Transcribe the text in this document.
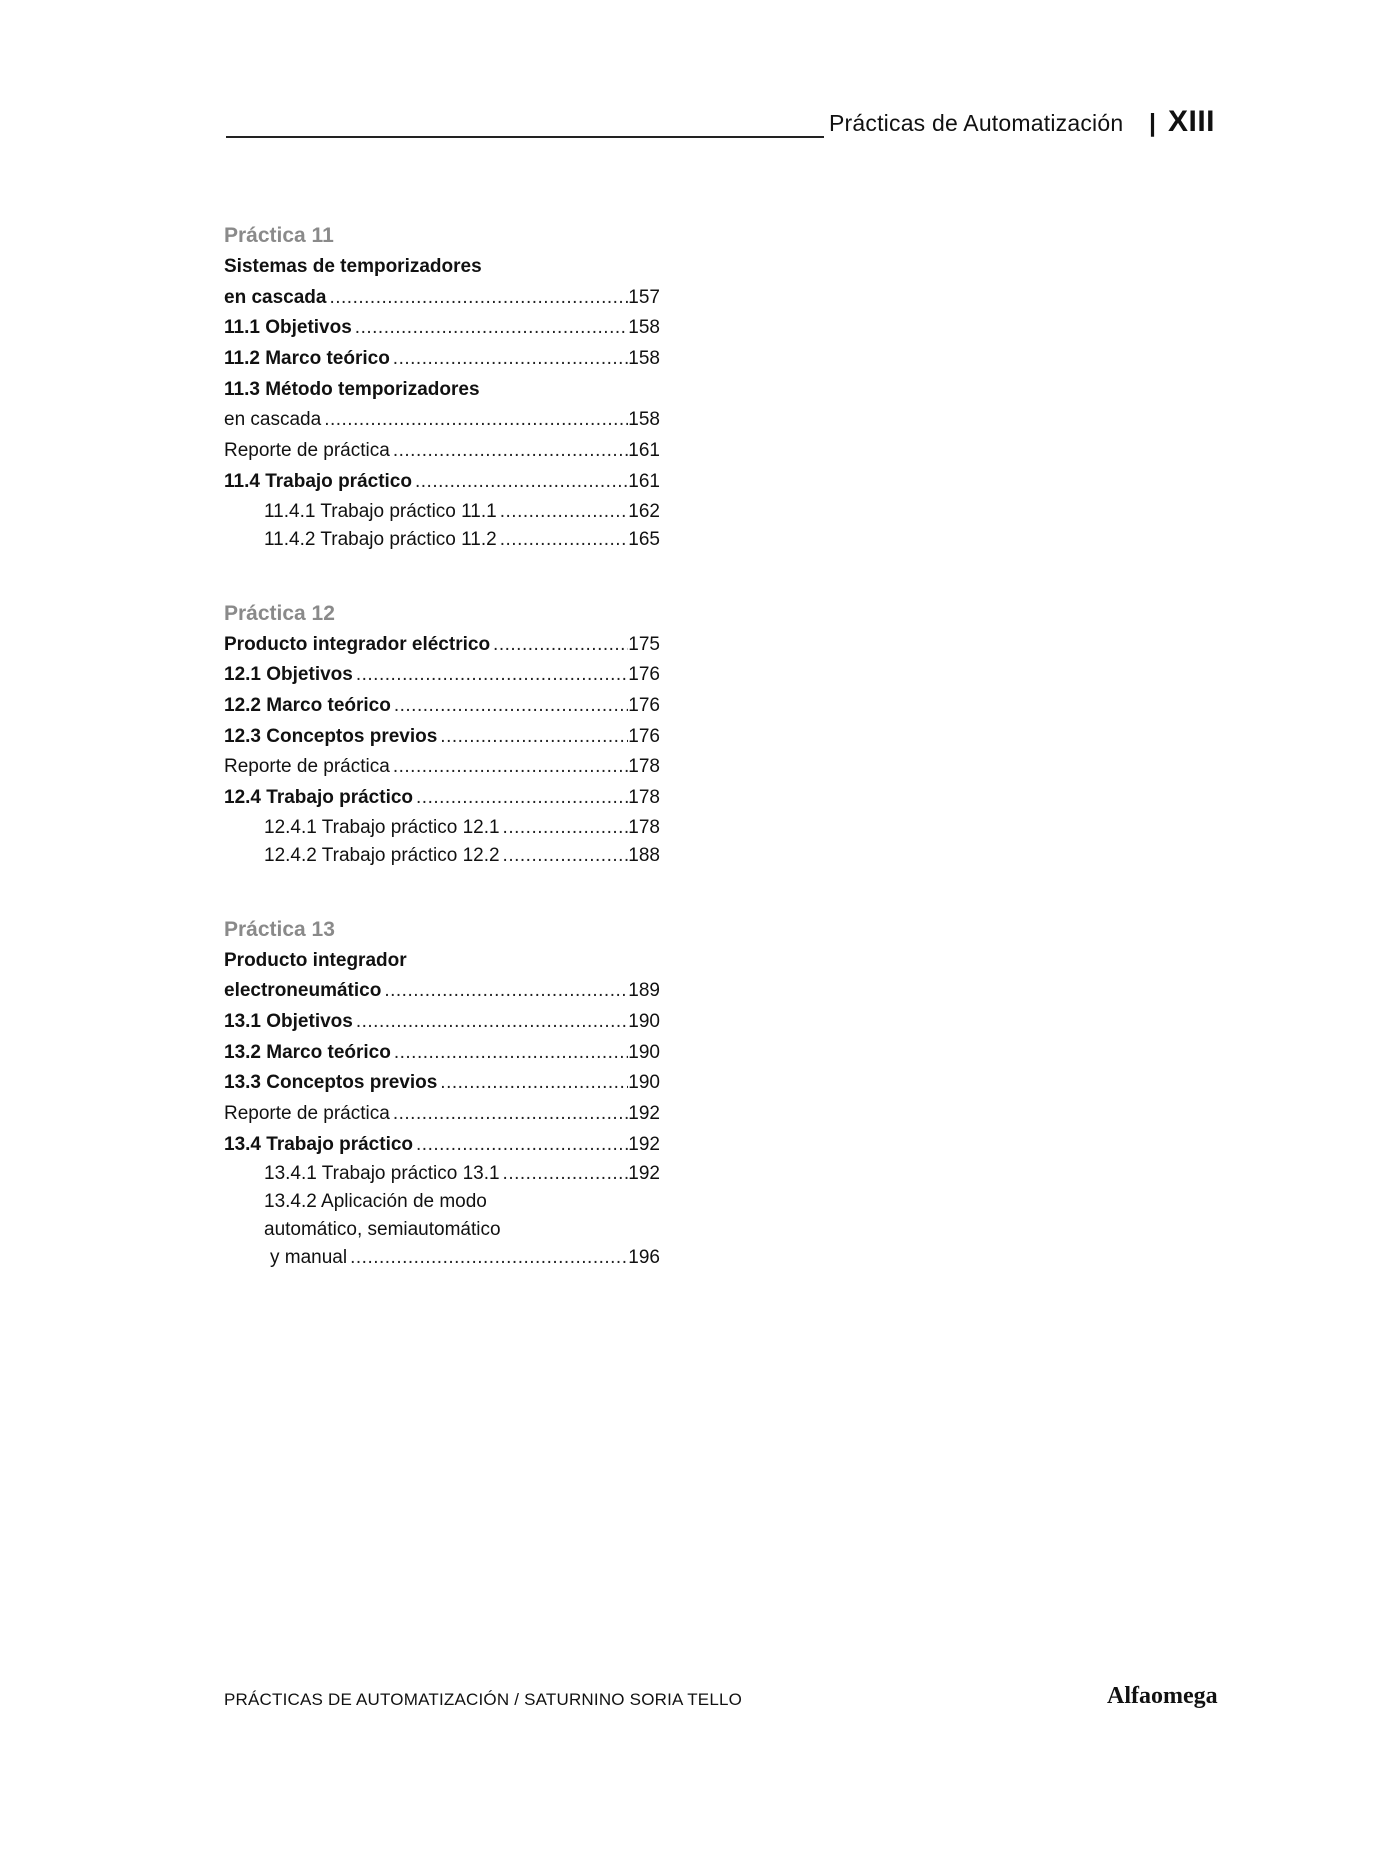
Prácticas de Automatización | XIII
Práctica 11
Sistemas de temporizadores
en cascada .....	157
11.1 Objetivos .....	158
11.2 Marco teórico .....	158
11.3 Método temporizadores
en cascada .....	158
Reporte de práctica .....	161
11.4 Trabajo práctico .....	161
11.4.1 Trabajo práctico 11.1 .....	162
11.4.2 Trabajo práctico 11.2 .....	165
Práctica 12
Producto integrador eléctrico .....	175
12.1 Objetivos .....	176
12.2 Marco teórico .....	176
12.3 Conceptos previos .....	176
Reporte de práctica .....	178
12.4 Trabajo práctico .....	178
12.4.1 Trabajo práctico 12.1 .....	178
12.4.2 Trabajo práctico 12.2 .....	188
Práctica 13
Producto integrador
electroneumático .....	189
13.1 Objetivos .....	190
13.2 Marco teórico .....	190
13.3 Conceptos previos .....	190
Reporte de práctica .....	192
13.4 Trabajo práctico .....	192
13.4.1 Trabajo práctico 13.1 .....	192
13.4.2 Aplicación de modo
automático, semiautomático
y manual .....	196
PRÁCTICAS DE AUTOMATIZACIÓN / SATURNINO SORIA TELLO	Alfaomega
